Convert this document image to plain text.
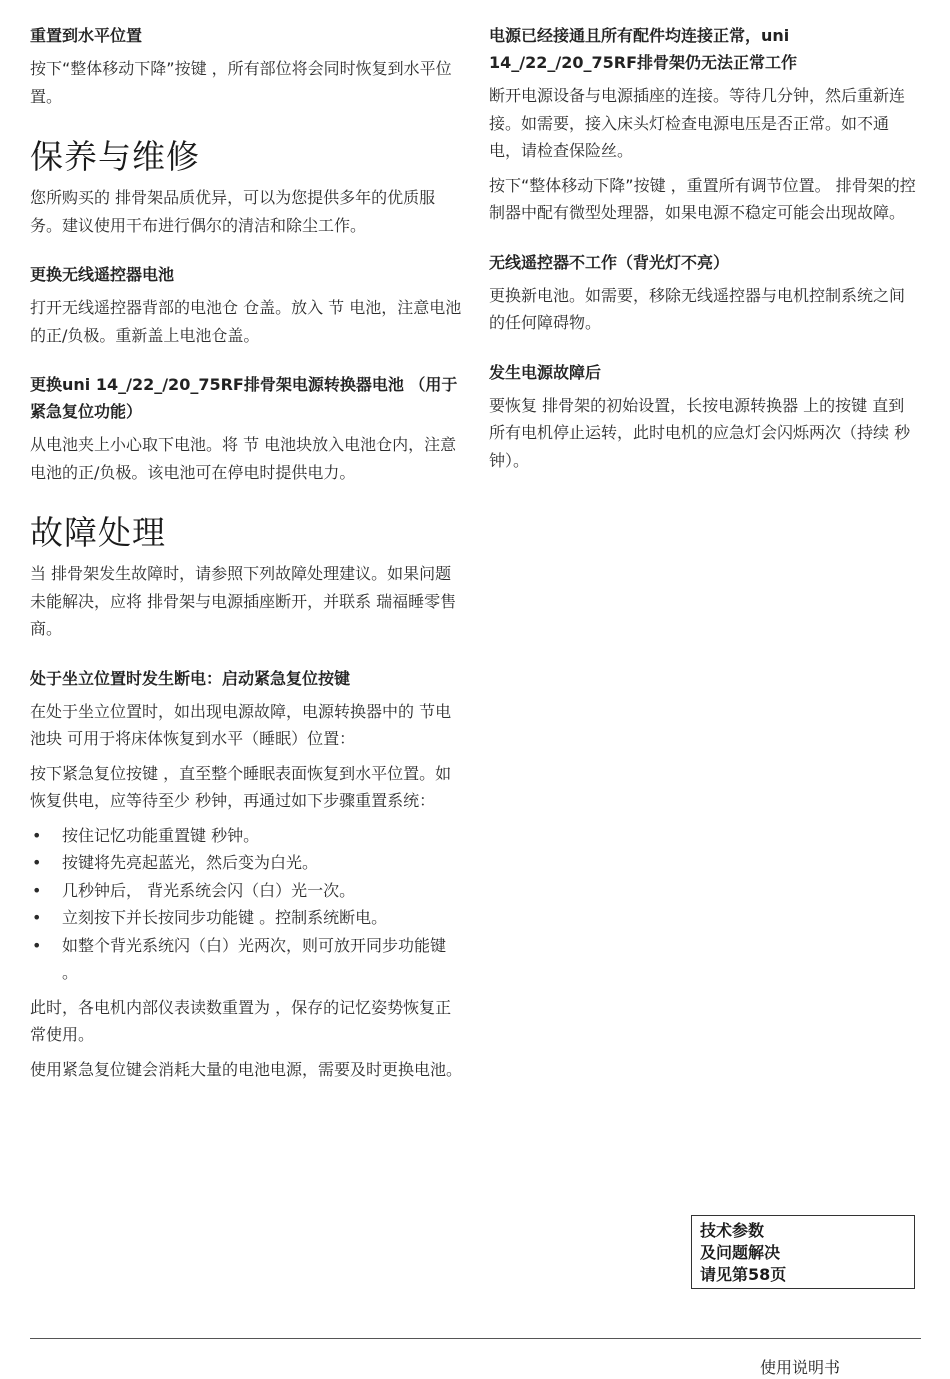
重置到水平位置

按下“整体移动下降”按键 ，所有部位将会同时恢复到水平位置。

保养与维修

您所购买的 排骨架品质优异，可以为您提供多年的优质服务。建议使用干布进行偶尔的清洁和除尘工作。

更换无线遥控器电池

打开无线遥控器背部的电池仓 仓盖。放入 节 电池，注意电池的正/负极。重新盖上电池仓盖。

更换uni 14_/22_/20_75RF排骨架电源转换器电池 （用于紧急复位功能）

从电池夹上小心取下电池。将 节 电池块放入电池仓内，注意电池的正/负极。该电池可在停电时提供电力。

故障处理

当 排骨架发生故障时，请参照下列故障处理建议。如果问题未能解决，应将 排骨架与电源插座断开，并联系 瑞福睡零售商。

处于坐立位置时发生断电：启动紧急复位按键

在处于坐立位置时，如出现电源故障，电源转换器中的 节电池块 可用于将床体恢复到水平（睡眠）位置：

按下紧急复位按键 ，直至整个睡眠表面恢复到水平位置。如恢复供电，应等待至少 秒钟，再通过如下步骤重置系统：

• 按住记忆功能重置键 秒钟。
• 按键将先亮起蓝光，然后变为白光。
• 几秒钟后， 背光系统会闪（白）光一次。
• 立刻按下并长按同步功能键 。控制系统断电。
• 如整个背光系统闪（白）光两次，则可放开同步功能键 。

此时，各电机内部仪表读数重置为 ，保存的记忆姿势恢复正常使用。

使用紧急复位键会消耗大量的电池电源，需要及时更换电池。

电源已经接通且所有配件均连接正常，uni 14_/22_/20_75RF排骨架仍无法正常工作

断开电源设备与电源插座的连接。等待几分钟，然后重新连接。如需要，接入床头灯检查电源电压是否正常。如不通电，请检查保险丝。

按下“整体移动下降”按键 ，重置所有调节位置。 排骨架的控制器中配有微型处理器，如果电源不稳定可能会出现故障。

无线遥控器不工作（背光灯不亮）

更换新电池。如需要，移除无线遥控器与电机控制系统之间的任何障碍物。

发生电源故障后

要恢复 排骨架的初始设置，长按电源转换器 上的按键 直到所有电机停止运转，此时电机的应急灯会闪烁两次（持续 秒钟）。

技术参数
及问题解决
请见第58页
使用说明书
